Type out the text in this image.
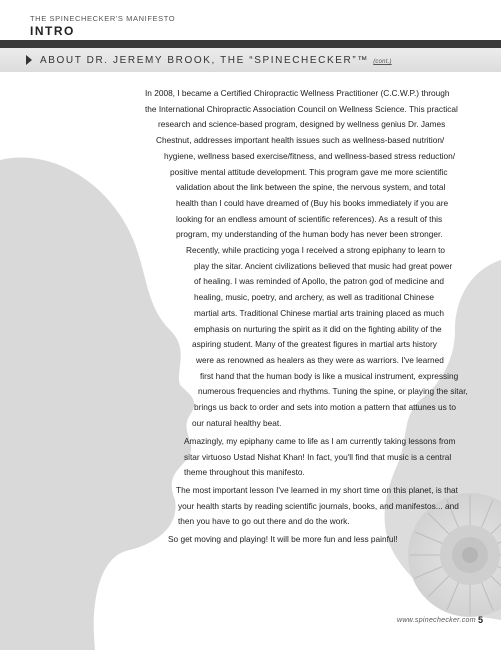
THE SPINECHECKER'S MANIFESTO
INTRO
ABOUT DR. JEREMY BROOK, THE “SPINECHECKER”™ (cont.)
In 2008, I became a Certified Chiropractic Wellness Practitioner (C.C.W.P.) through
the International Chiropractic Association Council on Wellness Science. This practical
research and science-based program, designed by wellness genius Dr. James
Chestnut, addresses important health issues such as wellness-based nutrition/
hygiene, wellness based exercise/fitness, and wellness-based stress reduction/
positive mental attitude development. This program gave me more scientific
validation about the link between the spine, the nervous system, and total
health than I could have dreamed of (Buy his books immediately if you are
looking for an endless amount of scientific references). As a result of this
program, my understanding of the human body has never been stronger.
Recently, while practicing yoga I received a strong epiphany to learn to
play the sitar. Ancient civilizations believed that music had great power
of healing. I was reminded of Apollo, the patron god of medicine and
healing, music, poetry, and archery, as well as traditional Chinese
martial arts. Traditional Chinese martial arts training placed as much
emphasis on nurturing the spirit as it did on the fighting ability of the
aspiring student. Many of the greatest figures in martial arts history
were as renowned as healers as they were as warriors. I've learned
first hand that the human body is like a musical instrument, expressing
numerous frequencies and rhythms. Tuning the spine, or playing the sitar,
brings us back to order and sets into motion a pattern that attunes us to
our natural healthy beat.
Amazingly, my epiphany came to life as I am currently taking lessons from
sitar virtuoso Ustad Nishat Khan! In fact, you'll find that music is a central
theme throughout this manifesto.
The most important lesson I've learned in my short time on this planet, is that
your health starts by reading scientific journals, books, and manifestos... and
then you have to go out there and do the work.
So get moving and playing! It will be more fun and less painful!
www.spinechecker.com 5
